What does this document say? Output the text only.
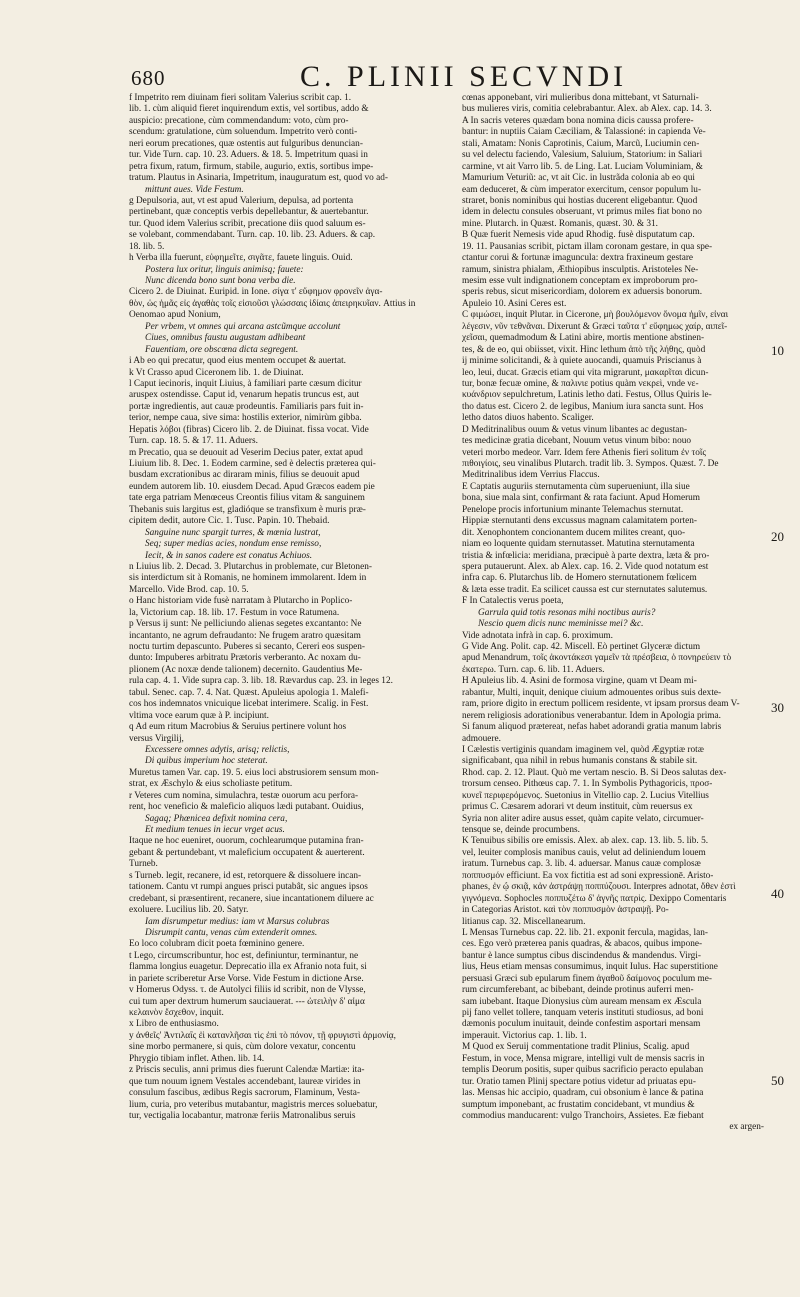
680	C. PLINII SECVNDI
10
20
30
40
50
f Impetrito rem diuinam fieri solitam Valerius scribit cap. 1.
lib. 1. cùm aliquid fieret inquirendum extis, vel sortibus, addo &
auspicio: precatione, cùm commendandum: voto, cùm pro-
scendum: gratulatione, cùm soluendum. Impetrito verò conti-
neri eorum precationes, quæ ostentis aut fulguribus denuncian-
tur. Vide Turn. cap. 10. 23. Aduers. & 18. 5. Impetritum quasi in
petra fixum, ratum, firmum, stabile, augurio, extis, sortibus impe-
tratum. Plautus in Asinaria, Impetritum, inauguratum est, quod vo ad-
mittunt aues. Vide Festum.
g Depulsoria, aut, vt est apud Valerium, depulsa, ad portenta
pertinebant, quæ conceptis verbis depellebantur, & auertebantur.
tur. Quod idem Valerius scribit, precatione diis quod saluum es-
se volebant, commendabant. Turn. cap. 10. lib. 23. Aduers. & cap.
18. lib. 5.
h Verba illa fuerunt, εὐφημεῖτε, σιγᾶτε, fauete linguis. Ouid.
Postera lux oritur, linguis animisq; fauete:
Nunc dicenda bono sunt bona verba die.
Cicero 2. de Diuinat. Euripid. in Ione. σίγα τ' εὔφημον φρονεῖν ἀγα-
θὸν, ὡς ἡμᾶς εἰς ἀγαθὰς τοῖς εἰσιοῦσι γλώσσαις ἰδίαις ἀπειρηκυῖαν. Attius in
Oenomao apud Nonium,
Per vrbem, vt omnes qui arcana astcũmque accolunt
Ciues, omnibus faustu augustam adhibeant
Fauentiam, ore obscœna dicta segregent.
i Ab eo qui precatur, quod eius mentem occupet & auertat.
k Vt Crasso apud Ciceronem lib. 1. de Diuinat.
l Caput iecinoris, inquit Liuius, à familiari parte cæsum dicitur
aruspex ostendisse. Caput id, venarum hepatis truncus est, aut
portæ ingredientis, aut cauæ prodeuntis. Familiaris pars fuit in-
terior, nempe caua, sive sima: hostilis exterior, nimirùm gibba.
Hepatis λόβοι (fibras) Cicero lib. 2. de Diuinat. fissa vocat. Vide
Turn. cap. 18. 5. & 17. 11. Aduers.
m Precatio, qua se deuouit ad Veserim Decius pater, extat apud
Liuium lib. 8. Dec. 1. Eodem carmine, sed è delectis præterea qui-
busdam excrationibus ac diraram minis, filius se deuouit apud
eundem autorem lib. 10. eiusdem Decad. Apud Græcos eadem pie
tate erga patriam Menœceus Creontis filius vitam & sanguinem
Thebanis suis largitus est, gladióque se transfixum è muris præ-
cipitem dedit, autore Cic. 1. Tusc. Papin. 10. Thebaid.
Sanguine nunc spargit turres, & mœnia lustrat,
Seq; super medias acies, nondum ense remisso,
Iecit, & in sanos cadere est conatus Achiuos.
n Liuius lib. 2. Decad. 3. Plutarchus in problemate, cur Bletonen-
sis interdictum sit à Romanis, ne hominem immolarent. Idem in
Marcello. Vide Brod. cap. 10. 5.
o Hanc historiam vide fusè narratam à Plutarcho in Poplico-
la, Victorium cap. 18. lib. 17. Festum in voce Ratumena.
p Versus ij sunt: Ne pelliciundo alienas segetes excantanto: Ne
incantanto, ne agrum defraudanto: Ne frugem aratro quæsitam
noctu turtim depascunto. Puberes si secanto, Cereri eos suspen-
dunto: Impuberes arbitratu Prætoris verberanto. Ac noxam du-
plionem (Ac noxæ dende talionem) decernito. Gaudentius Me-
rula cap. 4. 1. Vide supra cap. 3. lib. 18. Rævardus cap. 23. in leges 12.
tabul. Senec. cap. 7. 4. Nat. Quæst. Apuleius apologia 1. Malefi-
cos hos indemnatos vnicuique licebat interimere. Scalig. in Fest.
vltima voce earum quæ à P. incipiunt.
q Ad eum ritum Macrobius & Seruius pertinere volunt hos
versus Virgilij,
Excessere omnes adytis, arisq; relictis,
Di quibus imperium hoc steterat.
Muretus tamen Var. cap. 19. 5. eius loci abstrusiorem sensum mon-
strat, ex Æschylo & eius scholiaste petitum.
r Veteres cum nomina, simulachra, testæ ouorum acu perfora-
rent, hoc veneficio & maleficio aliquos lædi putabant. Ouidius,
Sagaq; Phœnicea defixit nomina cera,
Et medium tenues in iecur vrget acus.
Itaque ne hoc eueniret, ouorum, cochlearumque putamina fran-
gebant & pertundebant, vt maleficium occupatent & auerterent.
Turneb.
s Turneb. legit, recanere, id est, retorquere & dissoluere incan-
tationem. Cantu vt rumpi angues prisci putabât, sic angues ipsos
credebant, si præsentirent, recanere, siue incantationem diluere ac
exoluere. Lucilius lib. 20. Satyr.
Iam disrumpetur medius: iam vt Marsus colubras
Disrumpit cantu, venas cùm extenderit omnes.
Eo loco colubram dicit poeta fœminino genere.
t Lego, circumscribuntur, hoc est, definiuntur, terminantur, ne
flamma longius euagetur. Deprecatio illa ex Afranio nota fuit, si
in pariete scriberetur Arse Vorse. Vide Festum in dictione Arse.
v Homerus Odyss. τ. de Autolyci filiis id scribit, non de Vlysse,
cui tum aper dextrum humerum sauciauerat. --- ὠτειλὴν δ' αἷμα
κελαινὸν ἔσχεθον, inquit.
x Libro de enthusiasmo.
y ἀνθεῖς' Ἀντιλαΐς ἐὶ κατανλῆσαι τὶς ἐπὶ τὸ πόνον, τῇ φρυγιστὶ ἁρμονίᾳ,
sine morbo permanere, si quis, cùm dolore vexatur, concentu
Phrygio tibiam inflet. Athen. lib. 14.
z Priscis seculis, anni primus dies fuerunt Calendæ Martiæ: ita-
que tum nouum ignem Vestales accendebant, laureæ virides in
consulum fascibus, ædibus Regis sacrorum, Flaminum, Vesta-
lium, curia, pro veteribus mutabantur, magistris merces soluebatur,
tur, vectigalia locabantur, matronæ feriis Matronalibus seruis
cœnas apponebant, viri mulieribus dona mittebant, vt Saturnali-
bus mulieres viris, comitia celebrabantur. Alex. ab Alex. cap. 14. 3.
A In sacris veteres quædam bona nomina dicis caussa profere-
bantur: in nuptiis Caiam Cæciliam, & Talassioné: in capienda Ve-
stali, Amatam: Nonis Caprotinis, Caium, Marcũ, Luciumin cen-
su vel delectu faciendo, Valesium, Saluium, Statorium: in Saliari
carmine, vt ait Varro lib. 5. de Ling. Lat. Luciam Voluminiam, &
Mamurium Veturiũ: ac, vt ait Cic. in lustrãda colonia ab eo qui
eam deduceret, & cùm imperator exercitum, censor populum lu-
straret, bonis nominibus qui hostias ducerent eligebantur. Quod
idem in delectu consules obseruant, vt primus miles fiat bono no
mine. Plutarch. in Quæst. Romanis, quæst. 30. & 31.
B Quæ fuerit Nemesis vide apud Rhodig. fusè disputatum cap.
19. 11. Pausanias scribit, pictam illam coronam gestare, in qua spe-
ctantur corui & fortunæ imaguncula: dextra fraxineum gestare
ramum, sinistra phialam, Æthiopibus insculptis. Aristoteles Ne-
mesim esse vult indignationem conceptam ex improborum pro-
speris rebus, sicut misericordiam, dolorem ex aduersis bonorum.
Apuleio 10. Asini Ceres est.
C φιμώσει, inquit Plutar. in Cicerone, μὴ βουλόμενον ὄνομα ἡμῖν, εἶναι
λέγεσιν, νῦν τεθνᾶναι. Dixerunt & Græci ταῦτα τ' εὔφημως χαίρ, αιπεῖ-
χεῖσαι, quemadmodum & Latini abire, mortis mentione abstinen-
tes, & de eo, qui obiisset, vixit. Hinc lethum ἀπὸ τῆς λήθης, quòd
ij minime solicitandi, & à quiete auocandi, quamuis Priscianus à
leo, leui, ducat. Græcis etiam qui vita migrarunt, μακαρῖται dicun-
tur, bonæ fecuæ omine, & παλινιε potius quàm νεκρεὶ, vnde νε-
κυάνδριον sepulchretum, Latinis letho dati. Festus, Ollus Quiris le-
tho datus est. Cicero 2. de legibus, Manium iura sancta sunt. Hos
letho datos diuos habento. Scaliger.
D Meditrinalibus ouum & vetus vinum libantes ac degustan-
tes medicinæ gratia dicebant, Nouum vetus vinum bibo: nouo
veteri morbo medeor. Varr. Idem fere Athenis fieri solitum ἐν τοῖς
πιθοιγίοις, seu vinalibus Plutarch. tradit lib. 3. Sympos. Quæst. 7. De
Meditrinalibus idem Verrius Flaccus.
E Captatis auguriis sternutamenta cùm superueniunt, illa siue
bona, siue mala sint, confirmant & rata faciunt. Apud Homerum
Penelope procis infortunium minante Telemachus sternutat.
Hippiæ sternutanti dens excussus magnam calamitatem porten-
dit. Xenophontem concionantem ducem milites creant, quo-
niam eo loquente quidam sternutasset. Matutina sternutamenta
tristia & infœlicia: meridiana, præcipuè à parte dextra, læta & pro-
spera putauerunt. Alex. ab Alex. cap. 16. 2. Vide quod notatum est
infra cap. 6. Plutarchus lib. de Homero sternutationem fœlicem
& læta esse tradit. Ea scilicet caussa est cur sternutates salutemus.
F In Catalectis verus poeta,
Garrula quid totis resonas mihi noctibus auris?
Nescio quem dicis nunc meminisse mei? &c.
Vide adnotata infrà in cap. 6. proximum.
G Vide Ang. Polit. cap. 42. Miscell. Eò pertinet Glyceræ dictum
apud Menandrum, τοῖς ἀκοντάκεσι γαμεῖν τὰ πρέσβεια, ὁ πονηρεύειν τὸ
ἐκατερω. Turn. cap. 6. lib. 11. Aduers.
H Apuleius lib. 4. Asini de formosa virgine, quam vt Deam mi-
rabantur, Multi, inquit, denique ciuium admouentes oribus suis dexte-
ram, priore digito in erectum pollicem residente, vt ipsam prorsus deam V-
nerem religiosis adorationibus venerabantur. Idem in Apologia prima.
Si fanum aliquod prætereat, nefas habet adorandi gratia manum labris
admouere.
I Cælestis vertiginis quandam imaginem vel, quòd Ægyptiæ rotæ
significabant, qua nihil in rebus humanis constans & stabile sit.
Rhod. cap. 2. 12. Plaut. Quò me vertam nescio. B. Si Deos salutas dex-
trorsum censeo. Pithœus cap. 7. 1. In Symbolis Pythagoricis, προσ-
κυνεῖ περιφερόμενος. Suetonius in Vitellio cap. 2. Lucius Vitellius
primus C. Cæsarem adorari vt deum instituit, cùm reuersus ex
Syria non aliter adire ausus esset, quàm capite velato, circumuer-
tensque se, deinde procumbens.
K Tenuibus sibilis ore emissis. Alex. ab alex. cap. 13. lib. 5. lib. 5.
vel, leuiter complosis manibus cauis, velut ad deliniendum louem
iratum. Turnebus cap. 3. lib. 4. aduersar. Manus cauæ complosæ
ποππυσμόν efficiunt. Ea vox fictitia est ad soni expressionē. Aristo-
phanes, ἐν ᾧ σκιᾷ, κἀν ἀστράψῃ ποππύζουσι. Interpres adnotat, ὅθεν ἐστὶ
γιγνόμενα. Sophocles ποππυζέτω δ' ἀγνῆς πατρὶς. Dexippo Comentaris
in Categorias Aristot. καὶ τὸν ποππυσμὸν ἀστραψῇ. Po-
litianus cap. 32. Miscellanearum.
L Mensas Turnebus cap. 22. lib. 21. exponit fercula, magidas, lan-
ces. Ego verò præterea panis quadras, & abacos, quibus impone-
bantur è lance sumptus cibus discindendus & mandendus. Virgi-
lius, Heus etiam mensas consumimus, inquit Iulus. Hac superstitione
persuasi Græci sub epularum finem ἀγαθοῦ δαίμονος poculum me-
rum circumferebant, ac bibebant, deinde protinus auferri men-
sam iubebant. Itaque Dionysius cùm auream mensam ex Æscula
pij fano vellet tollere, tanquam veteris instituti studiosus, ad boni
dæmonis poculum inuitauit, deinde confestim asportari mensam
imperauit. Victorius cap. 1. lib. 1.
M Quod ex Seruij commentatione tradit Plinius, Scalig. apud
Festum, in voce, Mensa migrare, intelligi vult de mensis sacris in
templis Deorum positis, super quibus sacrificio peracto epulaban
tur. Oratio tamen Plinij spectare potius videtur ad priuatas epu-
las. Mensas hic accipio, quadram, cui obsonium è lance & patina
sumptum imponebant, ac frustatim concidebant, vt mundius &
commodius manducarent: vulgo Tranchoirs, Assietes. Eæ fiebant
ex argen-
